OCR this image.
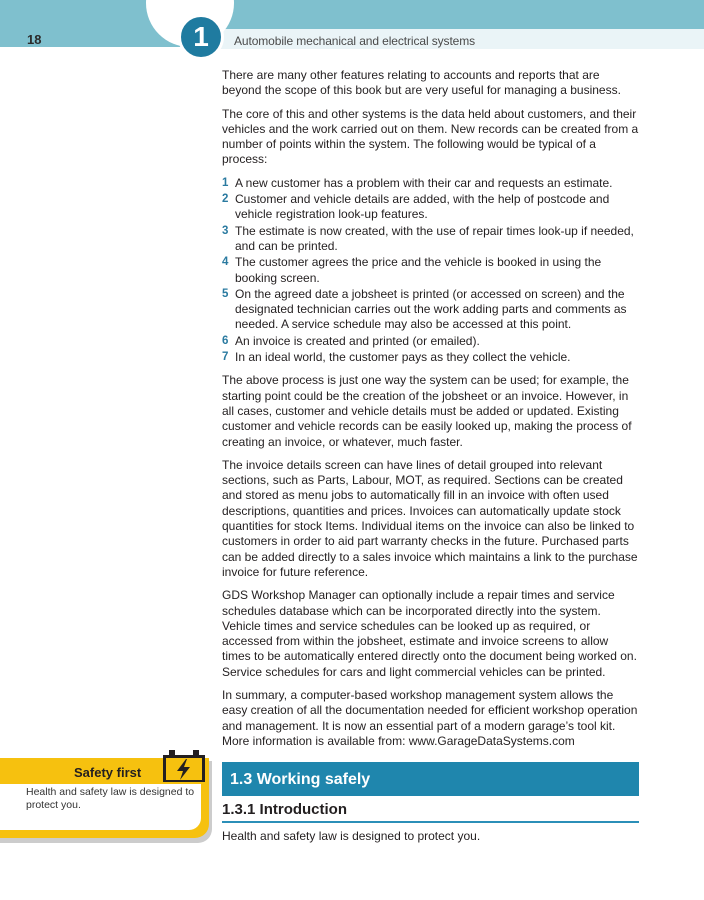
18	1	Automobile mechanical and electrical systems

There are many other features relating to accounts and reports that are beyond the scope of this book but are very useful for managing a business.

The core of this and other systems is the data held about customers, and their vehicles and the work carried out on them. New records can be created from a number of points within the system. The following would be typical of a process:

1 A new customer has a problem with their car and requests an estimate.
2 Customer and vehicle details are added, with the help of postcode and vehicle registration look-up features.
3 The estimate is now created, with the use of repair times look-up if needed, and can be printed.
4 The customer agrees the price and the vehicle is booked in using the booking screen.
5 On the agreed date a jobsheet is printed (or accessed on screen) and the designated technician carries out the work adding parts and comments as needed. A service schedule may also be accessed at this point.
6 An invoice is created and printed (or emailed).
7 In an ideal world, the customer pays as they collect the vehicle.

The above process is just one way the system can be used; for example, the starting point could be the creation of the jobsheet or an invoice. However, in all cases, customer and vehicle details must be added or updated. Existing customer and vehicle records can be easily looked up, making the process of creating an invoice, or whatever, much faster.

The invoice details screen can have lines of detail grouped into relevant sections, such as Parts, Labour, MOT, as required. Sections can be created and stored as menu jobs to automatically fill in an invoice with often used descriptions, quantities and prices. Invoices can automatically update stock quantities for stock Items. Individual items on the invoice can also be linked to customers in order to aid part warranty checks in the future. Purchased parts can be added directly to a sales invoice which maintains a link to the purchase invoice for future reference.

GDS Workshop Manager can optionally include a repair times and service schedules database which can be incorporated directly into the system. Vehicle times and service schedules can be looked up as required, or accessed from within the jobsheet, estimate and invoice screens to allow times to be automatically entered directly onto the document being worked on. Service schedules for cars and light commercial vehicles can be printed.

In summary, a computer-based workshop management system allows the easy creation of all the documentation needed for efficient workshop operation and management. It is now an essential part of a modern garage’s tool kit. More information is available from: www.GarageDataSystems.com

Safety first
Health and safety law is designed to protect you.
1.3 Working safely
1.3.1 Introduction
Health and safety law is designed to protect you.
